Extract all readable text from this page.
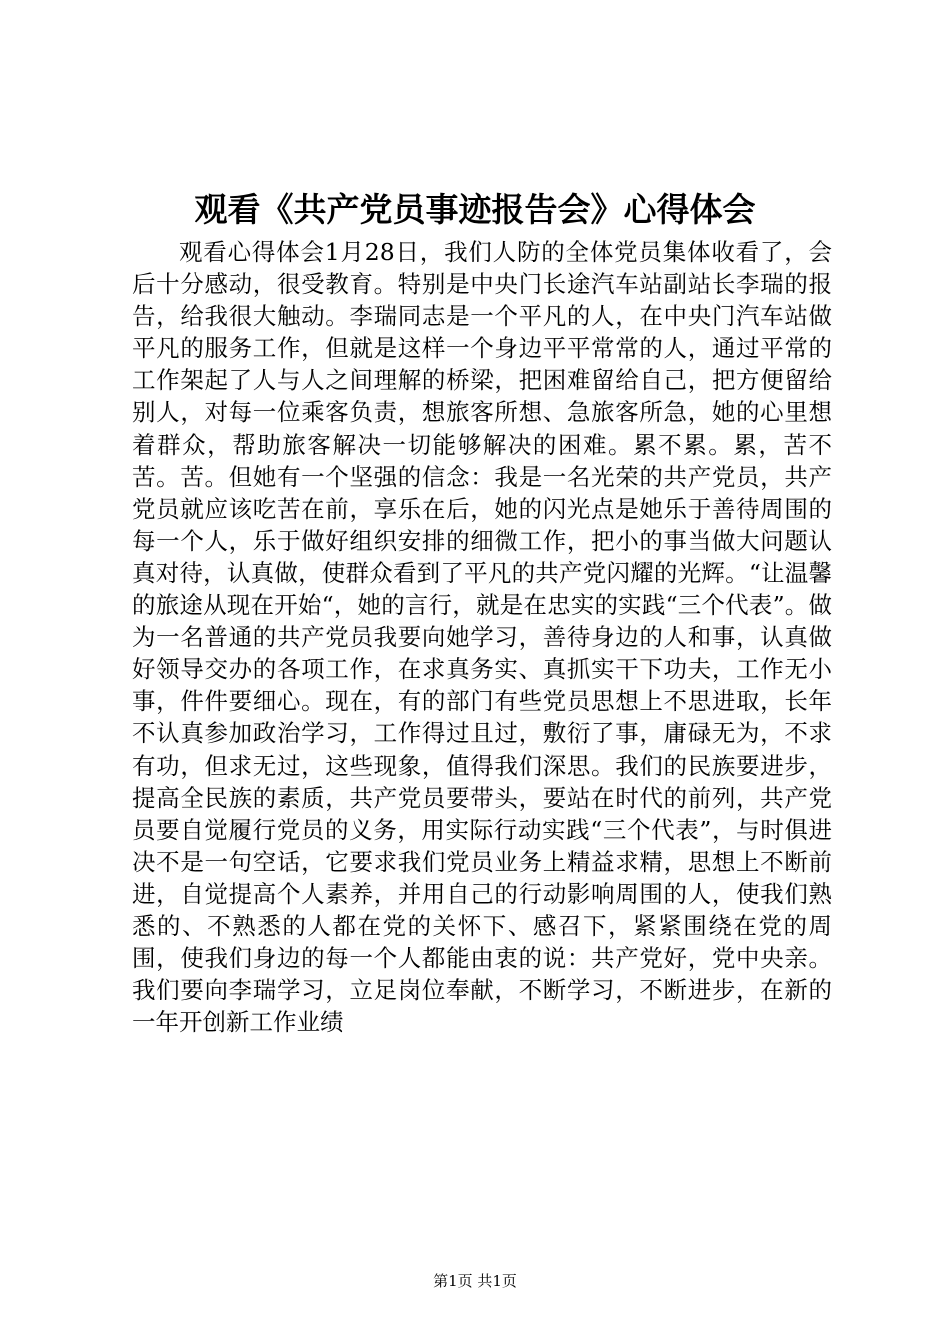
观看《共产党员事迹报告会》心得体会

观看心得体会1月28日，我们人防的全体党员集体收看了，会后十分感动，很受教育。特别是中央门长途汽车站副站长李瑞的报告，给我很大触动。李瑞同志是一个平凡的人，在中央门汽车站做平凡的服务工作，但就是这样一个身边平平常常的人，通过平常的工作架起了人与人之间理解的桥梁，把困难留给自己，把方便留给别人，对每一位乘客负责，想旅客所想、急旅客所急，她的心里想着群众，帮助旅客解决一切能够解决的困难。累不累。累，苦不苦。苦。但她有一个坚强的信念：我是一名光荣的共产党员，共产党员就应该吃苦在前，享乐在后，她的闪光点是她乐于善待周围的每一个人，乐于做好组织安排的细微工作，把小的事当做大问题认真对待，认真做，使群众看到了平凡的共产党闪耀的光辉。“让温馨的旅途从现在开始“，她的言行，就是在忠实的实践“三个代表”。做为一名普通的共产党员我要向她学习，善待身边的人和事，认真做好领导交办的各项工作，在求真务实、真抓实干下功夫，工作无小事，件件要细心。现在，有的部门有些党员思想上不思进取，长年不认真参加政治学习，工作得过且过，敷衍了事，庸碌无为，不求有功，但求无过，这些现象，值得我们深思。我们的民族要进步，提高全民族的素质，共产党员要带头，要站在时代的前列，共产党员要自觉履行党员的义务，用实际行动实践“三个代表”，与时俱进决不是一句空话，它要求我们党员业务上精益求精，思想上不断前进，自觉提高个人素养，并用自己的行动影响周围的人，使我们熟悉的、不熟悉的人都在党的关怀下、感召下，紧紧围绕在党的周围，使我们身边的每一个人都能由衷的说：共产党好，党中央亲。我们要向李瑞学习，立足岗位奉献，不断学习，不断进步，在新的一年开创新工作业绩

第1页 共1页
